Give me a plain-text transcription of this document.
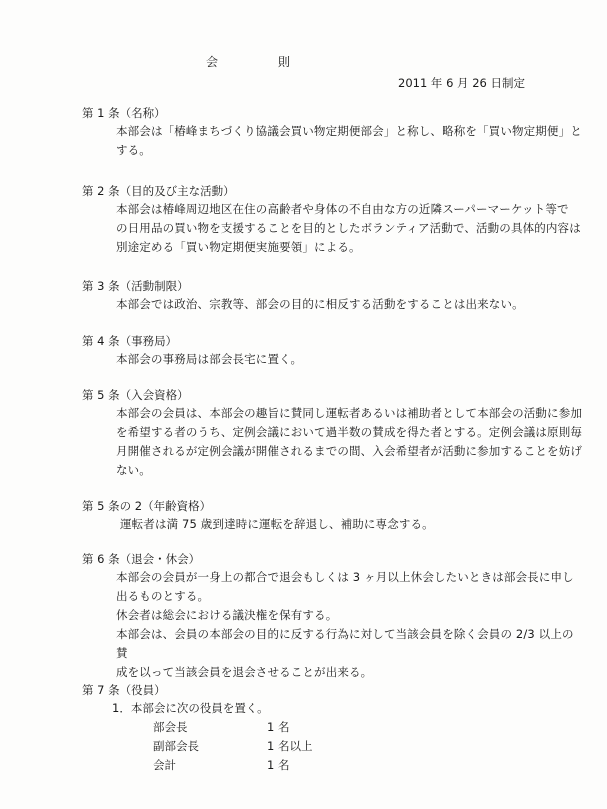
会	則
2011 年 6 月 26 日制定
第 1 条（名称）
本部会は「椿峰まちづくり協議会買い物定期便部会」と称し、略称を「買い物定期便」と
する。
第 2 条（目的及び主な活動）
本部会は椿峰周辺地区在住の高齢者や身体の不自由な方の近隣スーパーマーケット等で
の日用品の買い物を支援することを目的としたボランティア活動で、活動の具体的内容は
別途定める「買い物定期便実施要領」による。
第 3 条（活動制限）
本部会では政治、宗教等、部会の目的に相反する活動をすることは出来ない。
第 4 条（事務局）
本部会の事務局は部会長宅に置く。
第 5 条（入会資格）
本部会の会員は、本部会の趣旨に賛同し運転者あるいは補助者として本部会の活動に参加
を希望する者のうち、定例会議において過半数の賛成を得た者とする。定例会議は原則毎
月開催されるが定例会議が開催されるまでの間、入会希望者が活動に参加することを妨げ
ない。
第 5 条の 2（年齢資格）
運転者は満 75 歳到達時に運転を辞退し、補助に専念する。
第 6 条（退会・休会）
本部会の会員が一身上の都合で退会もしくは 3 ヶ月以上休会したいときは部会長に申し
出るものとする。
休会者は総会における議決権を保有する。
本部会は、会員の本部会の目的に反する行為に対して当該会員を除く会員の 2/3 以上の賛
成を以って当該会員を退会させることが出来る。
第 7 条（役員）
1．本部会に次の役員を置く。
部会長	1 名
副部会長	1 名以上
会計	1 名
